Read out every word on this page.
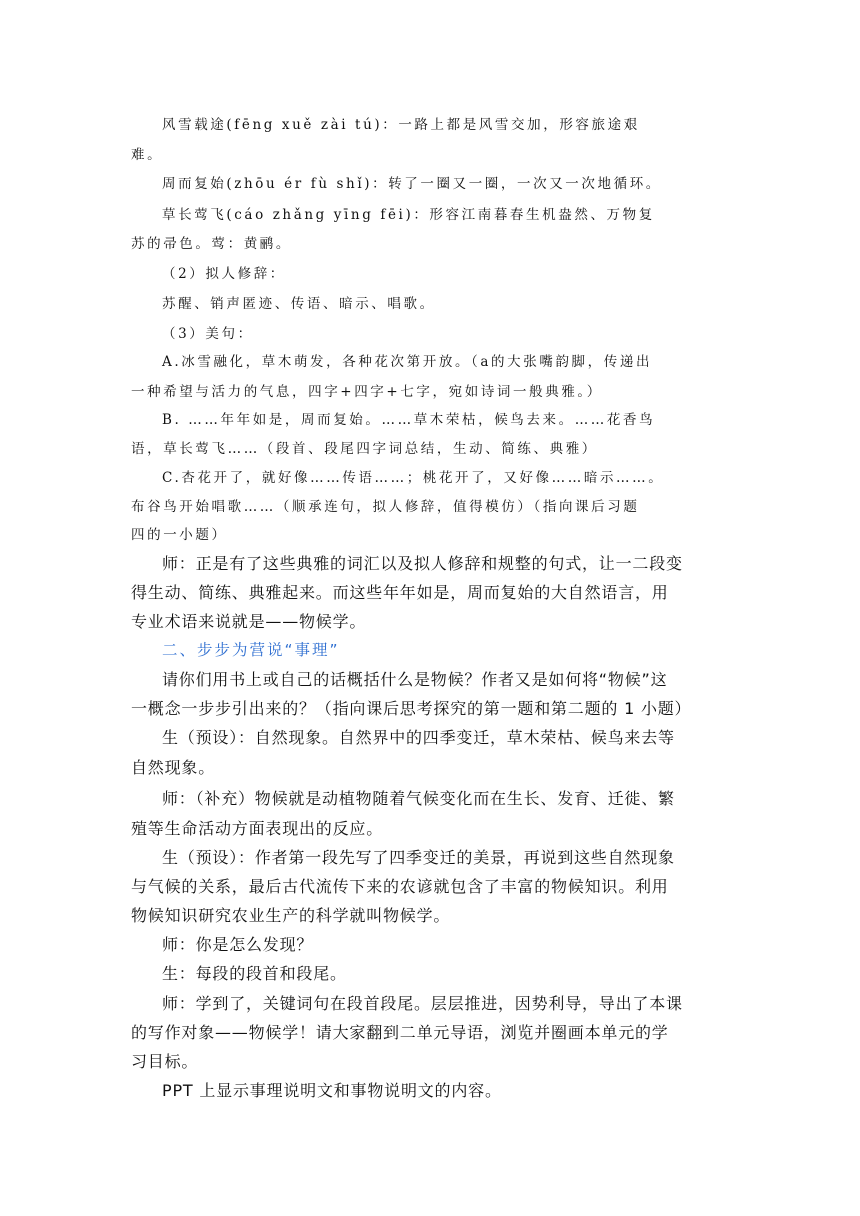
风雪载途(fēng xuě zài tú)：一路上都是风雪交加，形容旅途艰
难。
周而复始(zhōu ér fù shǐ)：转了一圈又一圈，一次又一次地循环。
草长莺飞(cáo zhǎng yīng fēi)：形容江南暮春生机盎然、万物复
苏的帚色。莺：黄鹂。
（2）拟人修辞：
苏醒、销声匿迹、传语、暗示、唱歌。
（3）美句：
A.冰雪融化，草木萌发，各种花次第开放。（a的大张嘴韵脚，传递出
一种希望与活力的气息，四字+四字+七字，宛如诗词一般典雅。）
B. ……年年如是，周而复始。……草木荣枯，候鸟去来。……花香鸟
语，草长莺飞……（段首、段尾四字词总结，生动、简练、典雅）
C.杏花开了，就好像……传语……；桃花开了，又好像……暗示……。
布谷鸟开始唱歌……（顺承连句，拟人修辞，值得模仿）（指向课后习题
四的一小题）
师：正是有了这些典雅的词汇以及拟人修辞和规整的句式，让一二段变
得生动、简练、典雅起来。而这些年年如是，周而复始的大自然语言，用
专业术语来说就是——物候学。
二、步步为营说“事理”
请你们用书上或自己的话概括什么是物候？作者又是如何将“物候”这
一概念一步步引出来的？（指向课后思考探究的第一题和第二题的 1 小题）
生（预设）：自然现象。自然界中的四季变迁，草木荣枯、候鸟来去等
自然现象。
师：（补充）物候就是动植物随着气候变化而在生长、发育、迁徙、繁
殖等生命活动方面表现出的反应。
生（预设）：作者第一段先写了四季变迁的美景，再说到这些自然现象
与气候的关系，最后古代流传下来的农谚就包含了丰富的物候知识。利用
物候知识研究农业生产的科学就叫物候学。
师：你是怎么发现？
生：每段的段首和段尾。
师：学到了，关键词句在段首段尾。层层推进，因势利导，导出了本课
的写作对象——物候学！请大家翻到二单元导语，浏览并圈画本单元的学
习目标。
PPT 上显示事理说明文和事物说明文的内容。
